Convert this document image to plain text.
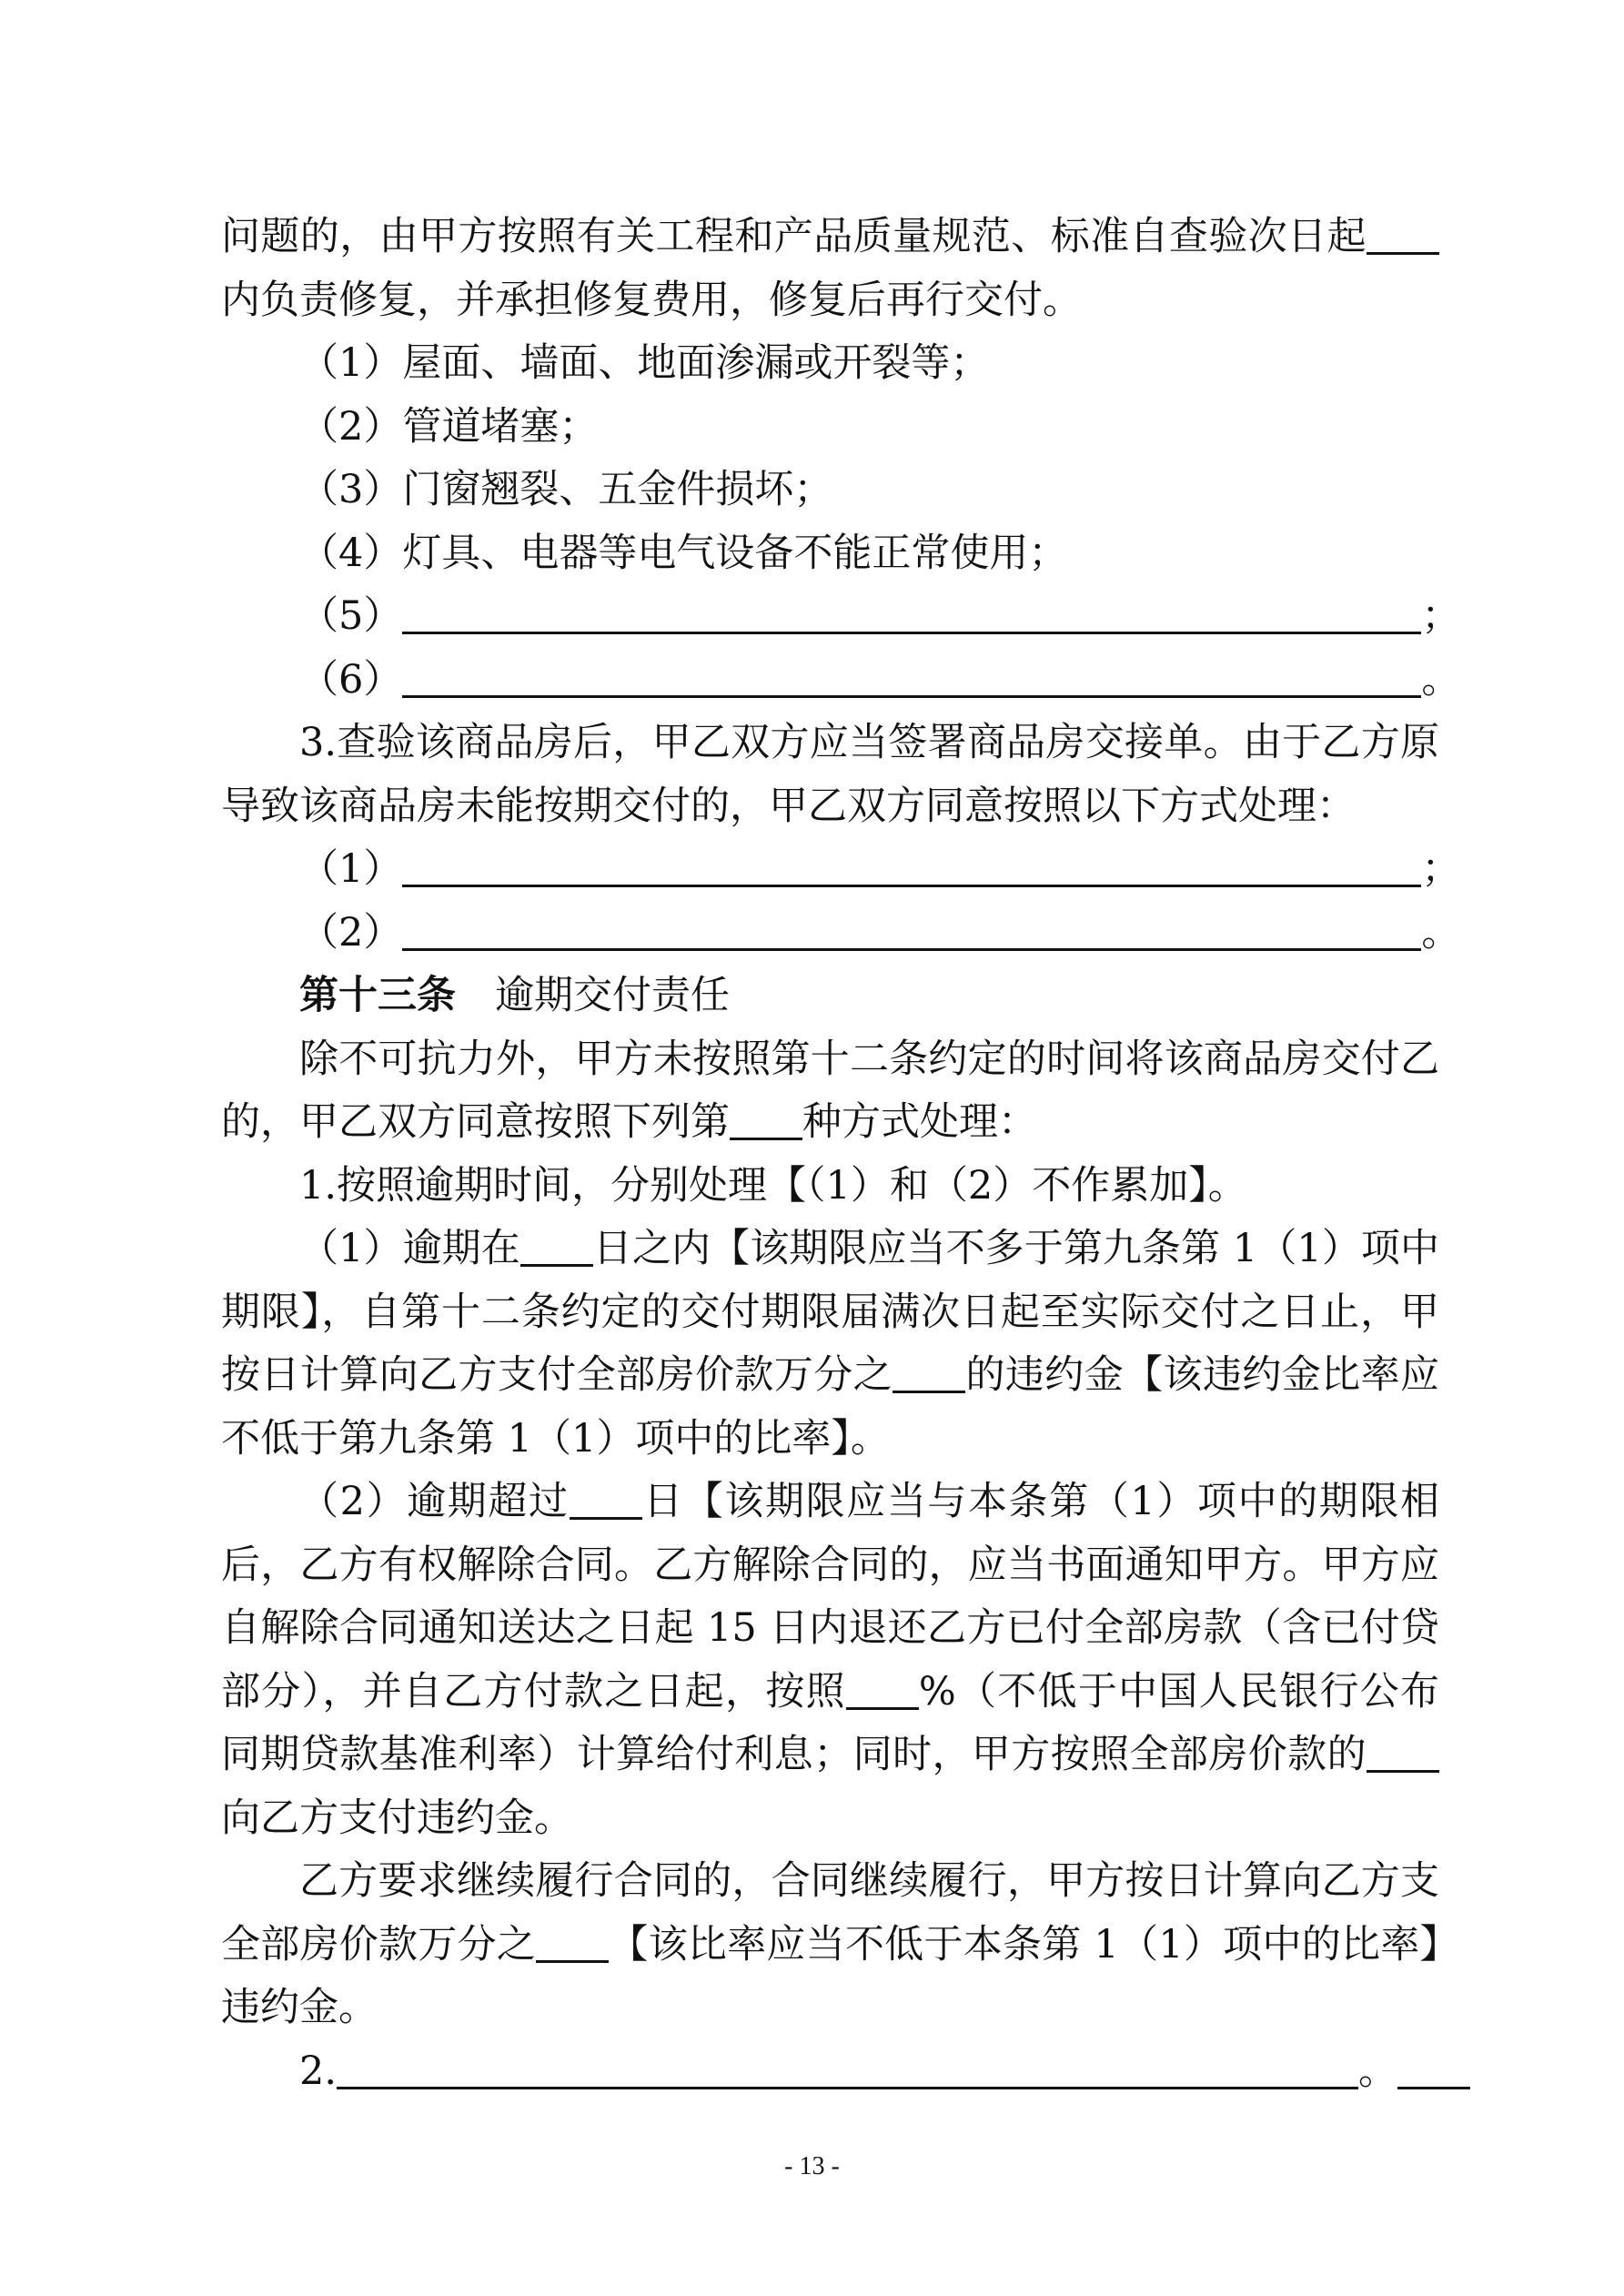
问题的，由甲方按照有关工程和产品质量规范、标准自查验次日起
内负责修复，并承担修复费用，修复后再行交付。
（1）屋面、墙面、地面渗漏或开裂等；
（2）管道堵塞；
（3）门窗翘裂、五金件损坏；
（4）灯具、电器等电气设备不能正常使用；
（5）	；
（6）	。
3.查验该商品房后，甲乙双方应当签署商品房交接单。由于乙方原
导致该商品房未能按期交付的，甲乙双方同意按照以下方式处理：
（1）	；
（2）	。
第十三条　逾期交付责任
除不可抗力外，甲方未按照第十二条约定的时间将该商品房交付乙
的，甲乙双方同意按照下列第 种方式处理：
1.按照逾期时间，分别处理【（1）和（2）不作累加】。
（1）逾期在 日之内【该期限应当不多于第九条第 1（1）项中
期限】，自第十二条约定的交付期限届满次日起至实际交付之日止，甲
按日计算向乙方支付全部房价款万分之 的违约金【该违约金比率应
不低于第九条第 1（1）项中的比率】。
（2）逾期超过 日【该期限应当与本条第（1）项中的期限相
后，乙方有权解除合同。乙方解除合同的，应当书面通知甲方。甲方应
自解除合同通知送达之日起 15 日内退还乙方已付全部房款（含已付贷
部分），并自乙方付款之日起，按照 %（不低于中国人民银行公布
同期贷款基准利率）计算给付利息；同时，甲方按照全部房价款的
向乙方支付违约金。
乙方要求继续履行合同的，合同继续履行，甲方按日计算向乙方支
全部房价款万分之 【该比率应当不低于本条第 1（1）项中的比率】
违约金。
2.	。
- 13 -
